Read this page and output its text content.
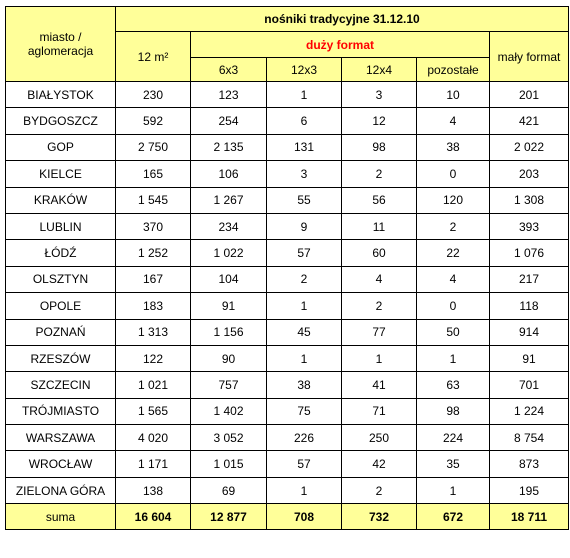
miasto /
aglomeracja	nośniki tradycyjne 31.12.10					
	12 m²	duży format				mały format
		6x3	12x3	12x4	pozostałe	
BIAŁYSTOK	230	123	1	3	10	201
BYDGOSZCZ	592	254	6	12	4	421
GOP	2 750	2 135	131	98	38	2 022
KIELCE	165	106	3	2	0	203
KRAKÓW	1 545	1 267	55	56	120	1 308
LUBLIN	370	234	9	11	2	393
ŁÓDŹ	1 252	1 022	57	60	22	1 076
OLSZTYN	167	104	2	4	4	217
OPOLE	183	91	1	2	0	118
POZNAŃ	1 313	1 156	45	77	50	914
RZESZÓW	122	90	1	1	1	91
SZCZECIN	1 021	757	38	41	63	701
TRÓJMIASTO	1 565	1 402	75	71	98	1 224
WARSZAWA	4 020	3 052	226	250	224	8 754
WROCŁAW	1 171	1 015	57	42	35	873
ZIELONA GÓRA	138	69	1	2	1	195
suma	16 604	12 877	708	732	672	18 711
